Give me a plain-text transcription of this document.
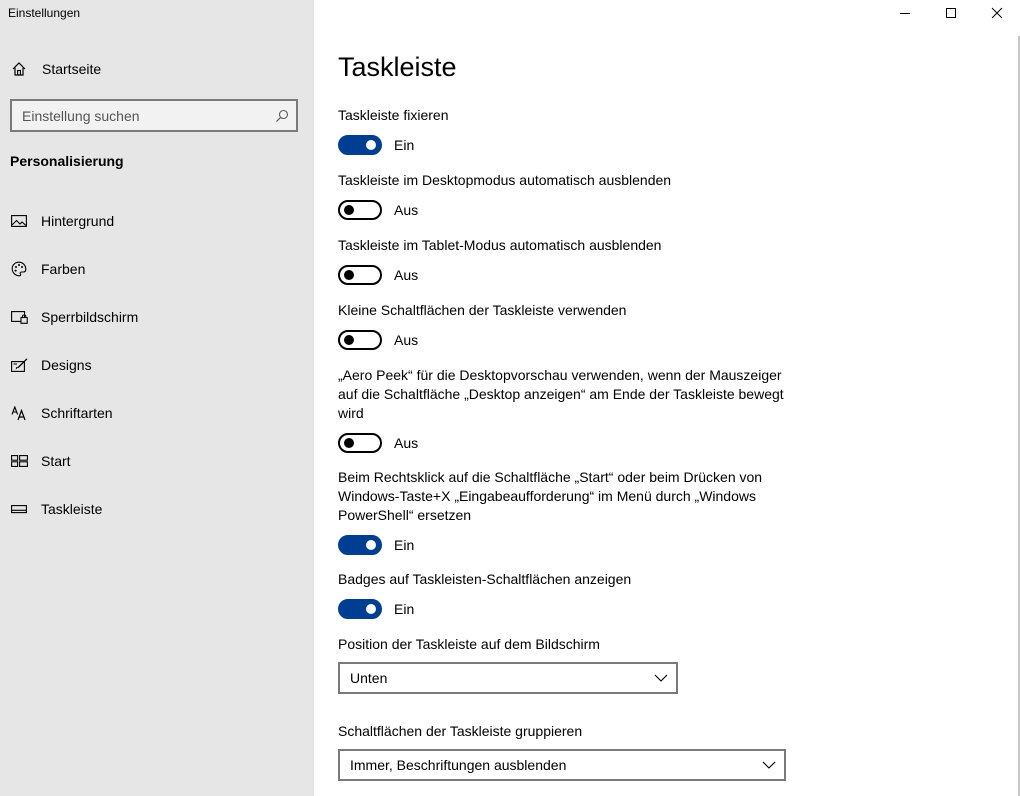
Einstellungen
Startseite
Einstellung suchen
Personalisierung
Hintergrund
Farben
Sperrbildschirm
Designs
Schriftarten
Start
Taskleiste
Taskleiste
Taskleiste fixieren
Ein
Taskleiste im Desktopmodus automatisch ausblenden
Aus
Taskleiste im Tablet-Modus automatisch ausblenden
Aus
Kleine Schaltflächen der Taskleiste verwenden
Aus
„Aero Peek“ für die Desktopvorschau verwenden, wenn der Mauszeiger auf die Schaltfläche „Desktop anzeigen“ am Ende der Taskleiste bewegt wird
Aus
Beim Rechtsklick auf die Schaltfläche „Start“ oder beim Drücken von Windows-Taste+X „Eingabeaufforderung“ im Menü durch „Windows PowerShell“ ersetzen
Ein
Badges auf Taskleisten-Schaltflächen anzeigen
Ein
Position der Taskleiste auf dem Bildschirm
Unten
Schaltflächen der Taskleiste gruppieren
Immer, Beschriftungen ausblenden
